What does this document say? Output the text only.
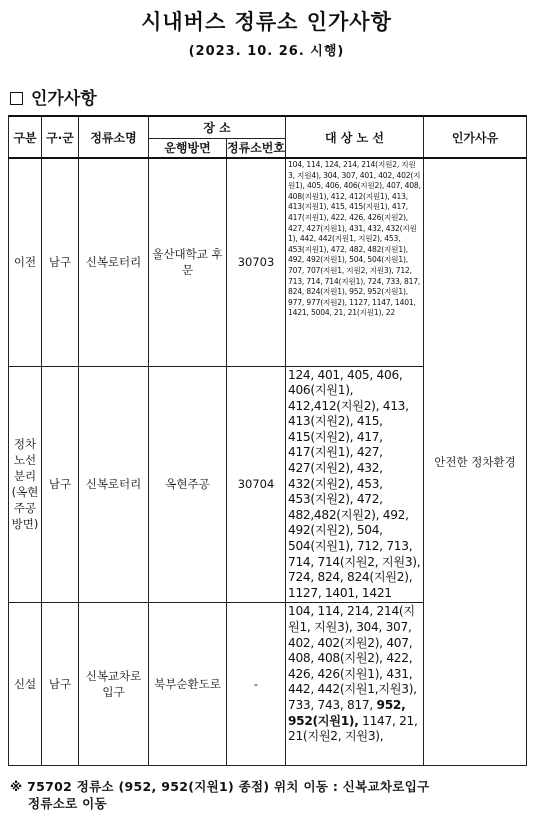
시내버스 정류소 인가사항
(2023. 10. 26. 시행)
인가사항
구분	구·군	정류소명	장 소		대 상 노 선	인가사유
			운행방면	정류소번호		
이전	남구	신복로터리	울산대학교 후문	30703	104, 114, 124, 214, 214(지원2, 지원3, 지원4), 304, 307, 401, 402, 402(지원1), 405, 406, 406(지원2), 407, 408, 408(지원1), 412, 412(지원1), 413, 413(지원1), 415, 415(지원1), 417, 417(지원1), 422, 426, 426(지원2), 427, 427(지원1), 431, 432, 432(지원1), 442, 442(지원1, 지원2), 453, 453(지원1), 472, 482, 482(지원1), 492, 492(지원1), 504, 504(지원1), 707, 707(지원1, 지원2, 지원3), 712, 713, 714, 714(지원1), 724, 733, 817, 824, 824(지원1), 952, 952(지원1), 977, 977(지원2), 1127, 1147, 1401, 1421, 5004, 21, 21(지원1), 22	안전한 정차환경
정차 노선 분리 (옥현 주공 방면)	남구	신복로터리	옥현주공	30704	124, 401, 405, 406, 406(지원1), 412,412(지원2), 413, 413(지원2), 415, 415(지원2), 417, 417(지원1), 427, 427(지원2), 432, 432(지원2), 453, 453(지원2), 472, 482,482(지원2), 492, 492(지원2), 504, 504(지원1), 712, 713, 714, 714(지원2, 지원3), 724, 824, 824(지원2), 1127, 1401, 1421	
신설	남구	신복교차로 입구	북부순환도로	-	104, 114, 214, 214(지원1, 지원3), 304, 307, 402, 402(지원2), 407, 408, 408(지원2), 422, 426, 426(지원1), 431, 442, 442(지원1,지원3), 733, 743, 817, 952, 952(지원1), 1147, 21, 21(지원2, 지원3),	
※ 75702 정류소 (952, 952(지원1) 종점) 위치 이동 : 신복교차로입구
정류소로 이동
